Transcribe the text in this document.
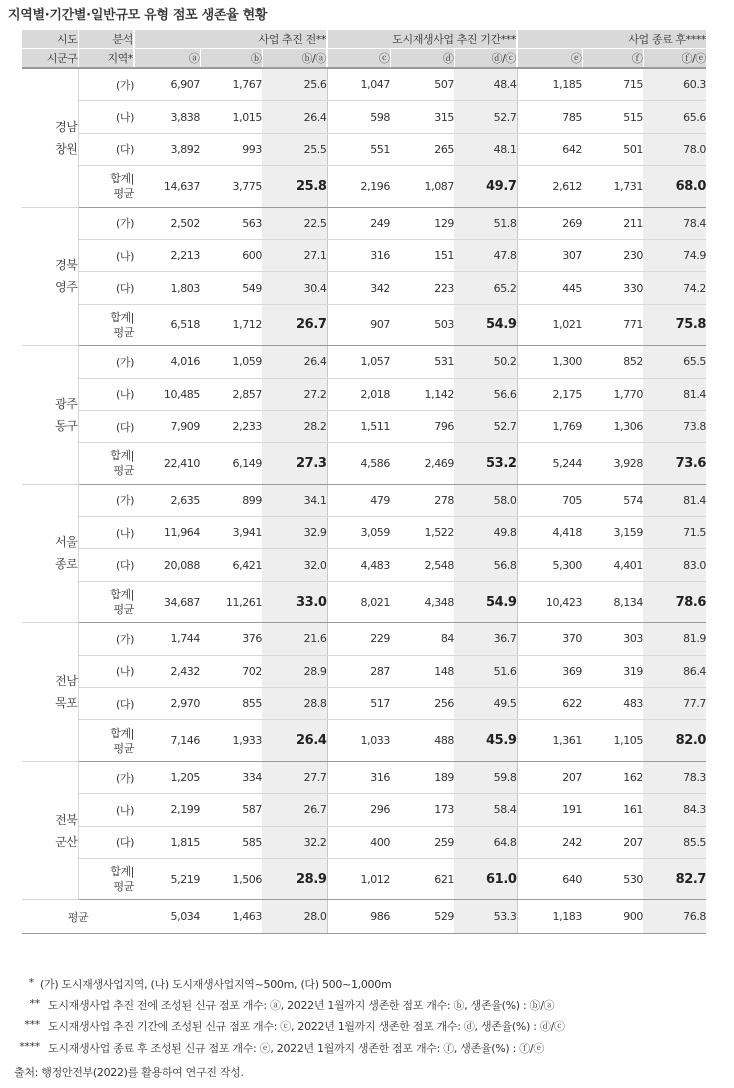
지역별·기간별·일반규모 유형 점포 생존율 현황
시도	분석	사업 추진 전**			도시재생사업 추진 기간***			사업 종료 후****		
시군구	지역*	ⓐ	ⓑ	ⓑ/ⓐ	ⓒ	ⓓ	ⓓ/ⓒ	ⓔ	ⓕ	ⓕ/ⓔ

경남
창원	(가)	6,907	1,767	25.6	1,047	507	48.4	1,185	715	60.3
	(나)	3,838	1,015	26.4	598	315	52.7	785	515	65.6
	(다)	3,892	993	25.5	551	265	48.1	642	501	78.0

	합계|
평균	14,637	3,775	25.8	2,196	1,087	49.7	2,612	1,731	68.0

경북
영주	(가)	2,502	563	22.5	249	129	51.8	269	211	78.4
	(나)	2,213	600	27.1	316	151	47.8	307	230	74.9
	(다)	1,803	549	30.4	342	223	65.2	445	330	74.2

	합계|
평균	6,518	1,712	26.7	907	503	54.9	1,021	771	75.8

광주
동구	(가)	4,016	1,059	26.4	1,057	531	50.2	1,300	852	65.5
	(나)	10,485	2,857	27.2	2,018	1,142	56.6	2,175	1,770	81.4
	(다)	7,909	2,233	28.2	1,511	796	52.7	1,769	1,306	73.8

	합계|
평균	22,410	6,149	27.3	4,586	2,469	53.2	5,244	3,928	73.6

서울
종로	(가)	2,635	899	34.1	479	278	58.0	705	574	81.4
	(나)	11,964	3,941	32.9	3,059	1,522	49.8	4,418	3,159	71.5
	(다)	20,088	6,421	32.0	4,483	2,548	56.8	5,300	4,401	83.0

	합계|
평균	34,687	11,261	33.0	8,021	4,348	54.9	10,423	8,134	78.6

전남
목포	(가)	1,744	376	21.6	229	84	36.7	370	303	81.9
	(나)	2,432	702	28.9	287	148	51.6	369	319	86.4
	(다)	2,970	855	28.8	517	256	49.5	622	483	77.7

	합계|
평균	7,146	1,933	26.4	1,033	488	45.9	1,361	1,105	82.0

전북
군산	(가)	1,205	334	27.7	316	189	59.8	207	162	78.3
	(나)	2,199	587	26.7	296	173	58.4	191	161	84.3
	(다)	1,815	585	32.2	400	259	64.8	242	207	85.5

	합계|
평균	5,219	1,506	28.9	1,012	621	61.0	640	530	82.7
평균		5,034	1,463	28.0	986	529	53.3	1,183	900	76.8
* (가) 도시재생사업지역, (나) 도시재생사업지역~500m, (다) 500~1,000m
** 도시재생사업 추진 전에 조성된 신규 점포 개수: ⓐ, 2022년 1월까지 생존한 점포 개수: ⓑ, 생존율(%) : ⓑ/ⓐ
*** 도시재생사업 추진 기간에 조성된 신규 점포 개수: ⓒ, 2022년 1월까지 생존한 점포 개수: ⓓ, 생존율(%) : ⓓ/ⓒ
**** 도시재생사업 종료 후 조성된 신규 점포 개수: ⓔ, 2022년 1월까지 생존한 점포 개수: ⓕ, 생존율(%) : ⓕ/ⓔ
출처: 행정안전부(2022)를 활용하여 연구진 작성.
